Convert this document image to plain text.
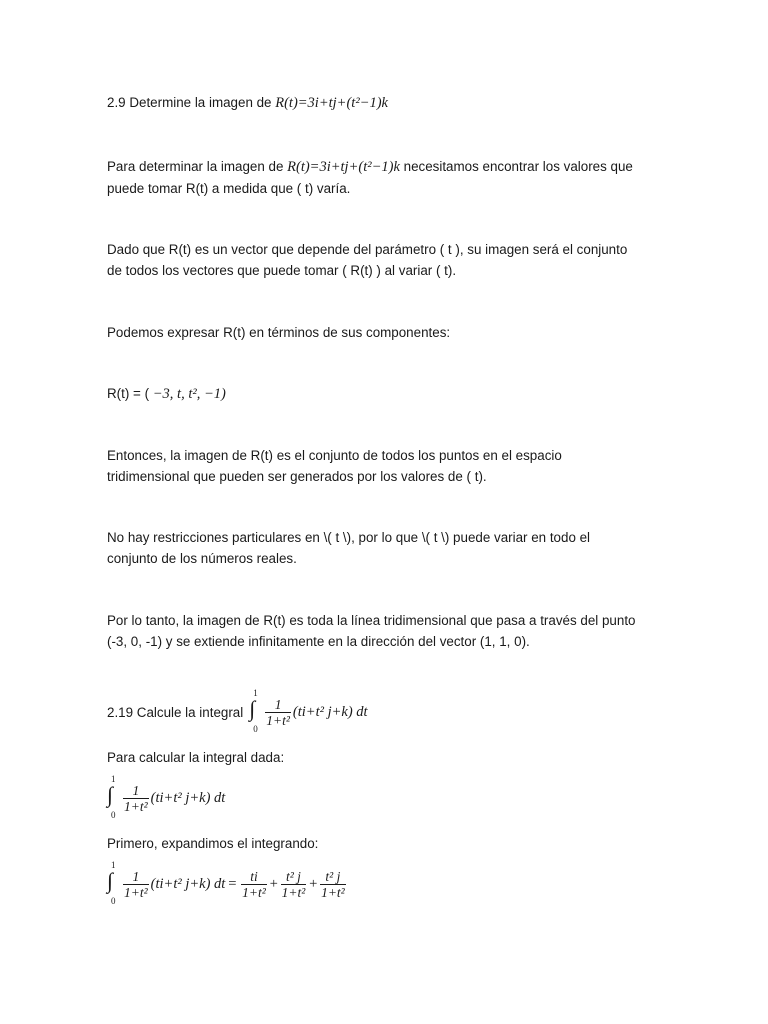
2.9 Determine la imagen de R(t)=3i+tj+(t²−1)k
Para determinar la imagen de R(t)=3i+tj+(t²−1)k necesitamos encontrar los valores que
puede tomar R(t) a medida que ( t) varía.
Dado que R(t) es un vector que depende del parámetro ( t ), su imagen será el conjunto
de todos los vectores que puede tomar ( R(t) ) al variar ( t).
Podemos expresar R(t) en términos de sus componentes:
R(t) = ( −3, t, t², −1)
Entonces, la imagen de R(t) es el conjunto de todos los puntos en el espacio
tridimensional que pueden ser generados por los valores de ( t).
No hay restricciones particulares en \( t \), por lo que \( t \) puede variar en todo el
conjunto de los números reales.
Por lo tanto, la imagen de R(t) es toda la línea tridimensional que pasa a través del punto
(-3, 0, -1) y se extiende infinitamente en la dirección del vector (1, 1, 0).
2.19 Calcule la integral
1
∫
0
$\frac{1}{\text{1+t²}} (ti+t^2$ j+k) dt
Para calcular la integral dada:
1
∫
0
$\frac{1}{\text{1+t²}} (ti+t^2$ j+k) dt
Primero, expandimos el integrando:
1
∫
0
$\frac{1}{\text{1+t²}} (ti+t^2$ j+k) dt = $\frac{ti}{\text{1+t²}} + \frac{\text{t² j}}{\text{1+t²}} + \frac{\text{t² j}}{\text{1+t²}}$
